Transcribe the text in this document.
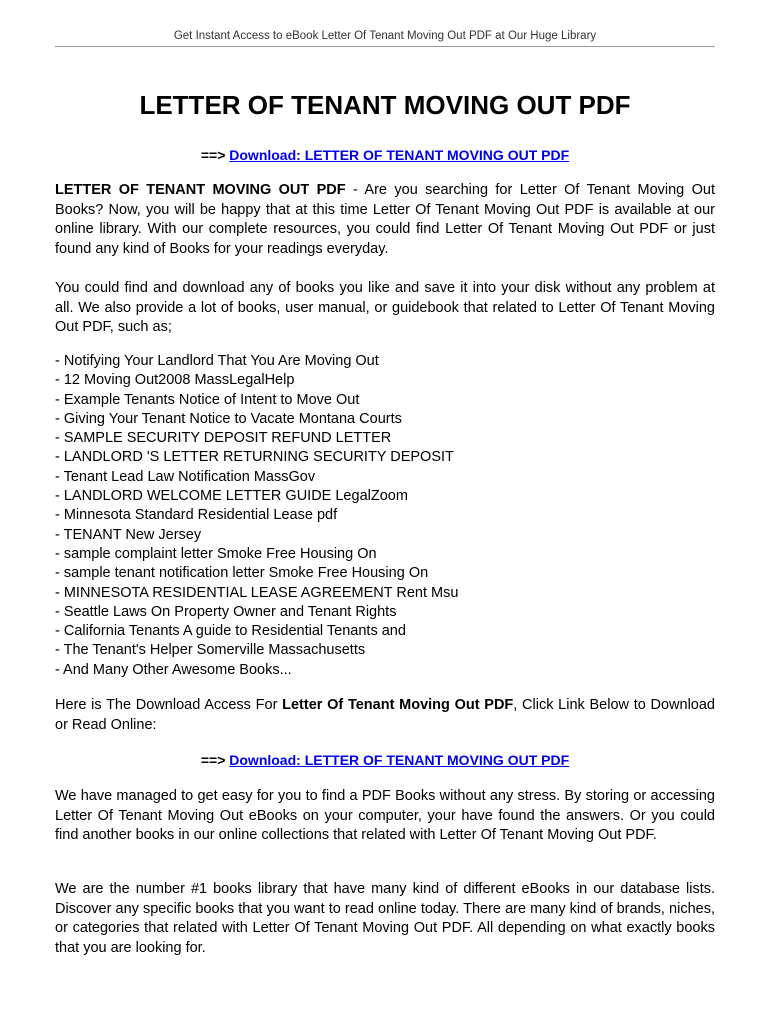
Get Instant Access to eBook Letter Of Tenant Moving Out PDF at Our Huge Library
LETTER OF TENANT MOVING OUT PDF
==> Download: LETTER OF TENANT MOVING OUT PDF

LETTER OF TENANT MOVING OUT PDF - Are you searching for Letter Of Tenant Moving Out Books? Now, you will be happy that at this time Letter Of Tenant Moving Out PDF is available at our online library. With our complete resources, you could find Letter Of Tenant Moving Out PDF or just found any kind of Books for your readings everyday.

You could find and download any of books you like and save it into your disk without any problem at all. We also provide a lot of books, user manual, or guidebook that related to Letter Of Tenant Moving Out PDF, such as;

- Notifying Your Landlord That You Are Moving Out
- 12 Moving Out2008 MassLegalHelp
- Example Tenants Notice of Intent to Move Out
- Giving Your Tenant Notice to Vacate Montana Courts
- SAMPLE SECURITY DEPOSIT REFUND LETTER
- LANDLORD 'S LETTER RETURNING SECURITY DEPOSIT
- Tenant Lead Law Notification MassGov
- LANDLORD WELCOME LETTER GUIDE LegalZoom
- Minnesota Standard Residential Lease pdf
- TENANT New Jersey
- sample complaint letter Smoke Free Housing On
- sample tenant notification letter Smoke Free Housing On
- MINNESOTA RESIDENTIAL LEASE AGREEMENT Rent Msu
- Seattle Laws On Property Owner and Tenant Rights
- California Tenants A guide to Residential Tenants and
- The Tenant's Helper Somerville Massachusetts
- And Many Other Awesome Books...

Here is The Download Access For Letter Of Tenant Moving Out PDF, Click Link Below to Download or Read Online:

==> Download: LETTER OF TENANT MOVING OUT PDF

We have managed to get easy for you to find a PDF Books without any stress. By storing or accessing Letter Of Tenant Moving Out eBooks on your computer, your have found the answers. Or you could find another books in our online collections that related with Letter Of Tenant Moving Out PDF.

We are the number #1 books library that have many kind of different eBooks in our database lists. Discover any specific books that you want to read online today. There are many kind of brands, niches, or categories that related with Letter Of Tenant Moving Out PDF. All depending on what exactly books that you are looking for.
